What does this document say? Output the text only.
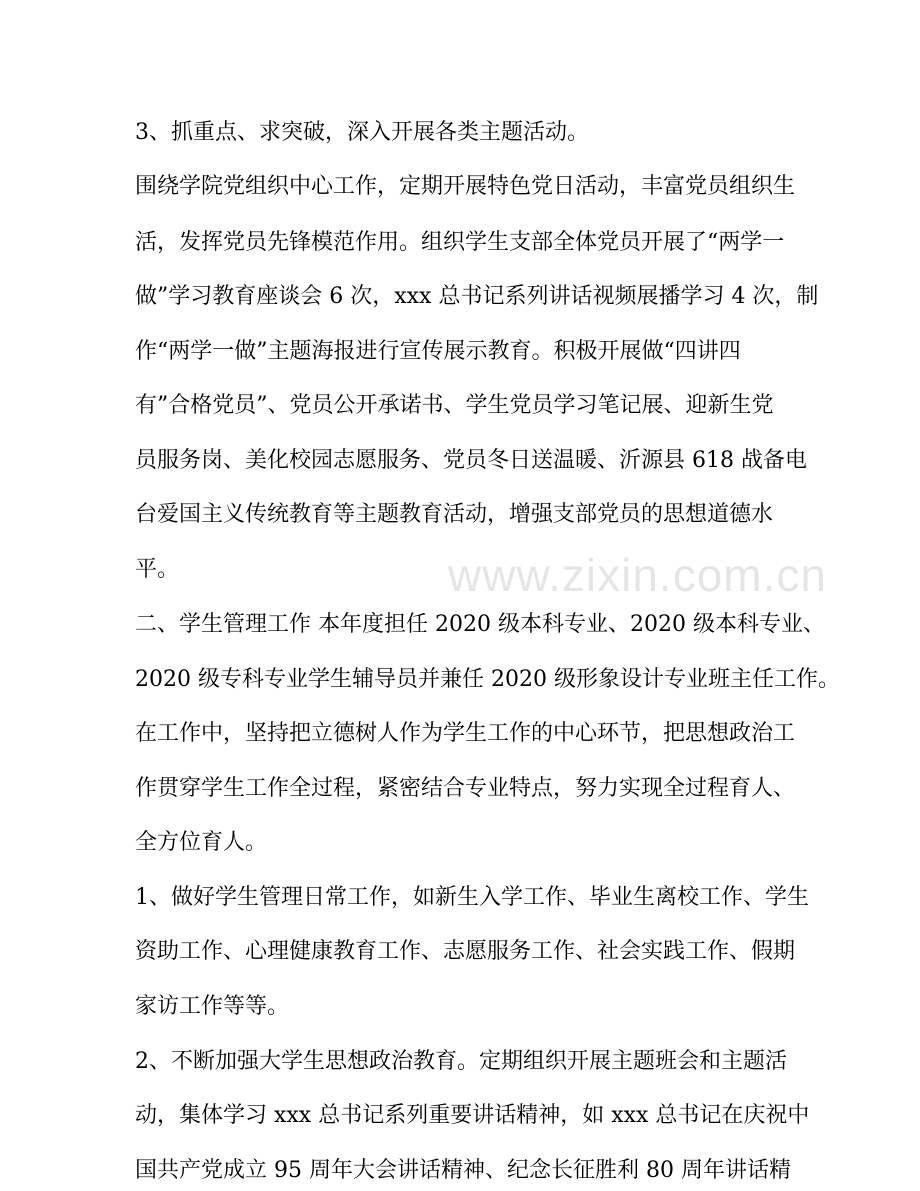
3、抓重点、求突破，深入开展各类主题活动。
围绕学院党组织中心工作，定期开展特色党日活动，丰富党员组织生
活，发挥党员先锋模范作用。组织学生支部全体党员开展了“两学一
做”学习教育座谈会 6 次，xxx 总书记系列讲话视频展播学习 4 次，制
作“两学一做”主题海报进行宣传展示教育。积极开展做“四讲四
有”合格党员”、党员公开承诺书、学生党员学习笔记展、迎新生党
员服务岗、美化校园志愿服务、党员冬日送温暖、沂源县 618 战备电
台爱国主义传统教育等主题教育活动，增强支部党员的思想道德水
平。
二、学生管理工作 本年度担任 2020 级本科专业、2020 级本科专业、
2020 级专科专业学生辅导员并兼任 2020 级形象设计专业班主任工作。
在工作中，坚持把立德树人作为学生工作的中心环节，把思想政治工
作贯穿学生工作全过程，紧密结合专业特点，努力实现全过程育人、
全方位育人。
1、做好学生管理日常工作，如新生入学工作、毕业生离校工作、学生
资助工作、心理健康教育工作、志愿服务工作、社会实践工作、假期
家访工作等等。
2、不断加强大学生思想政治教育。定期组织开展主题班会和主题活
动，集体学习 xxx 总书记系列重要讲话精神，如 xxx 总书记在庆祝中
国共产党成立 95 周年大会讲话精神、纪念长征胜利 80 周年讲话精
www.zixin.com.cn
